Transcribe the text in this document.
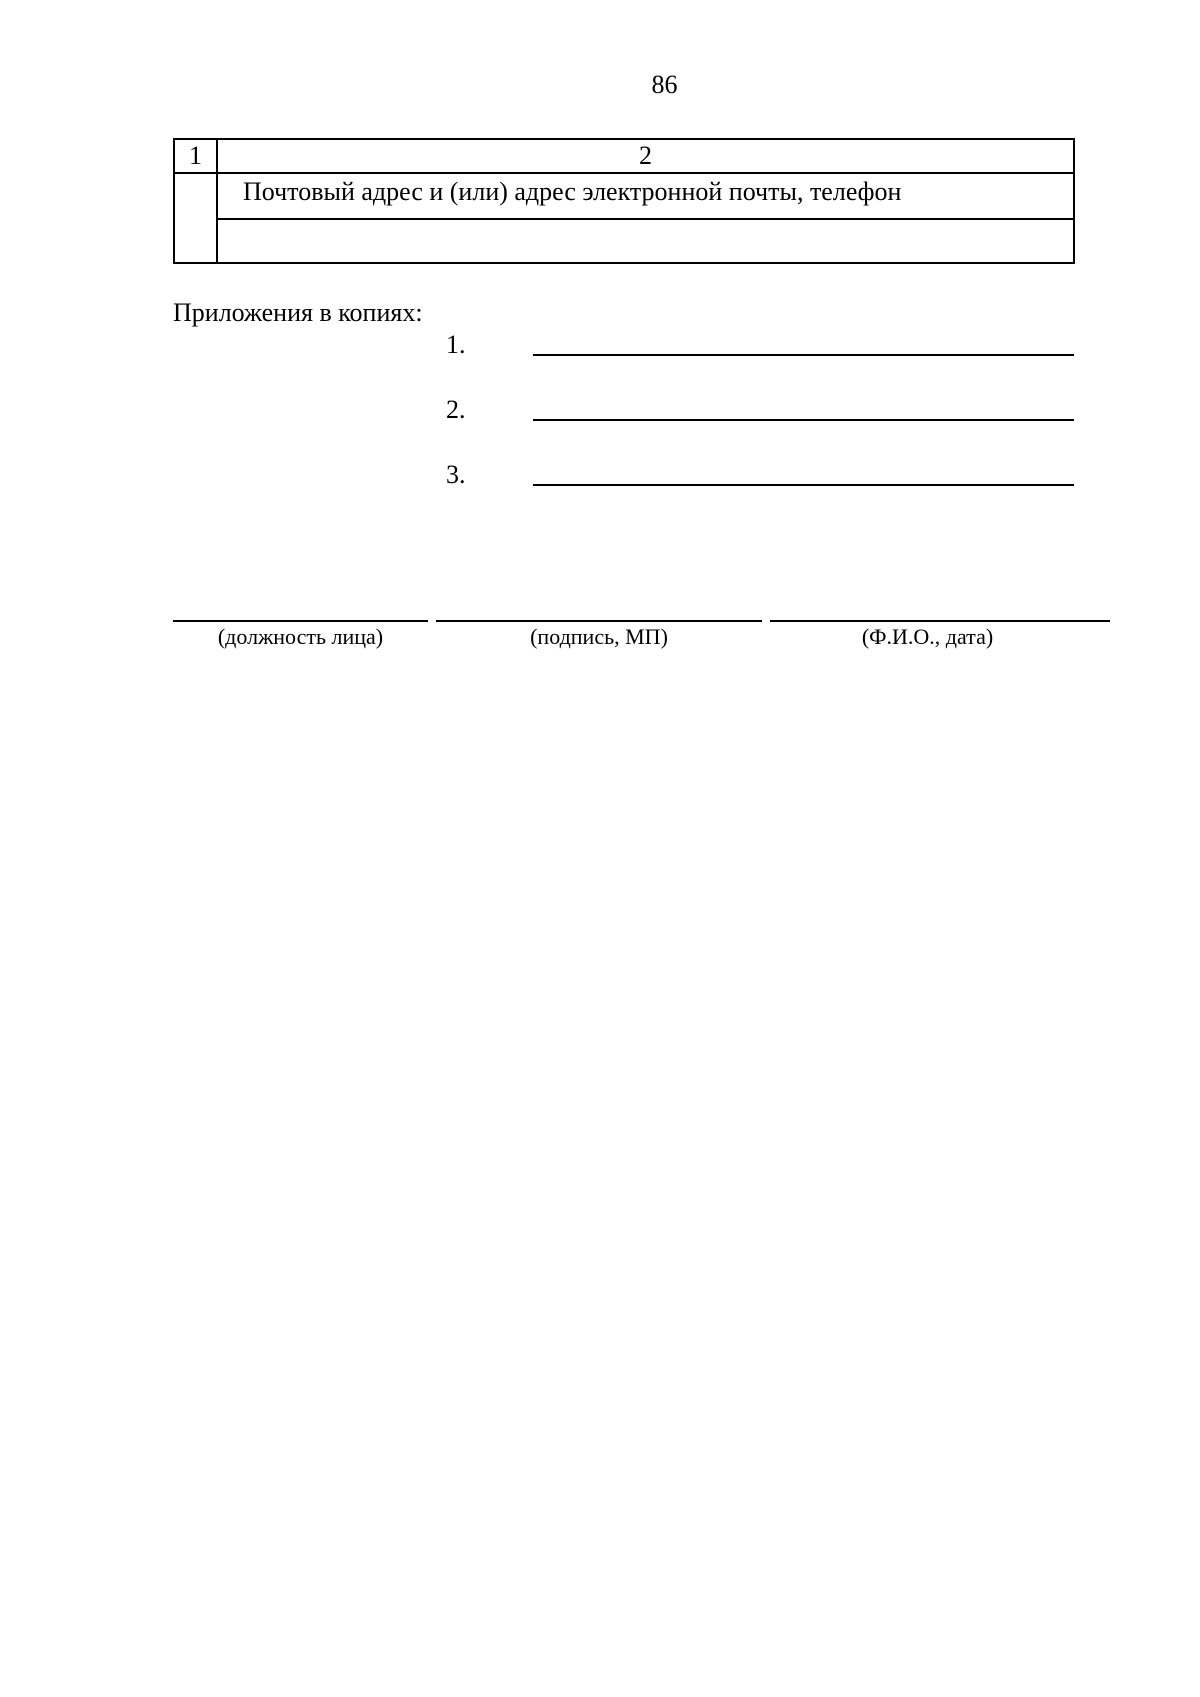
86
1	2
	Почтовый адрес и (или) адрес электронной почты, телефон

Приложения в копиях:
1.
2.
3.
(должность лица)	(подпись, МП)	(Ф.И.О., дата)
